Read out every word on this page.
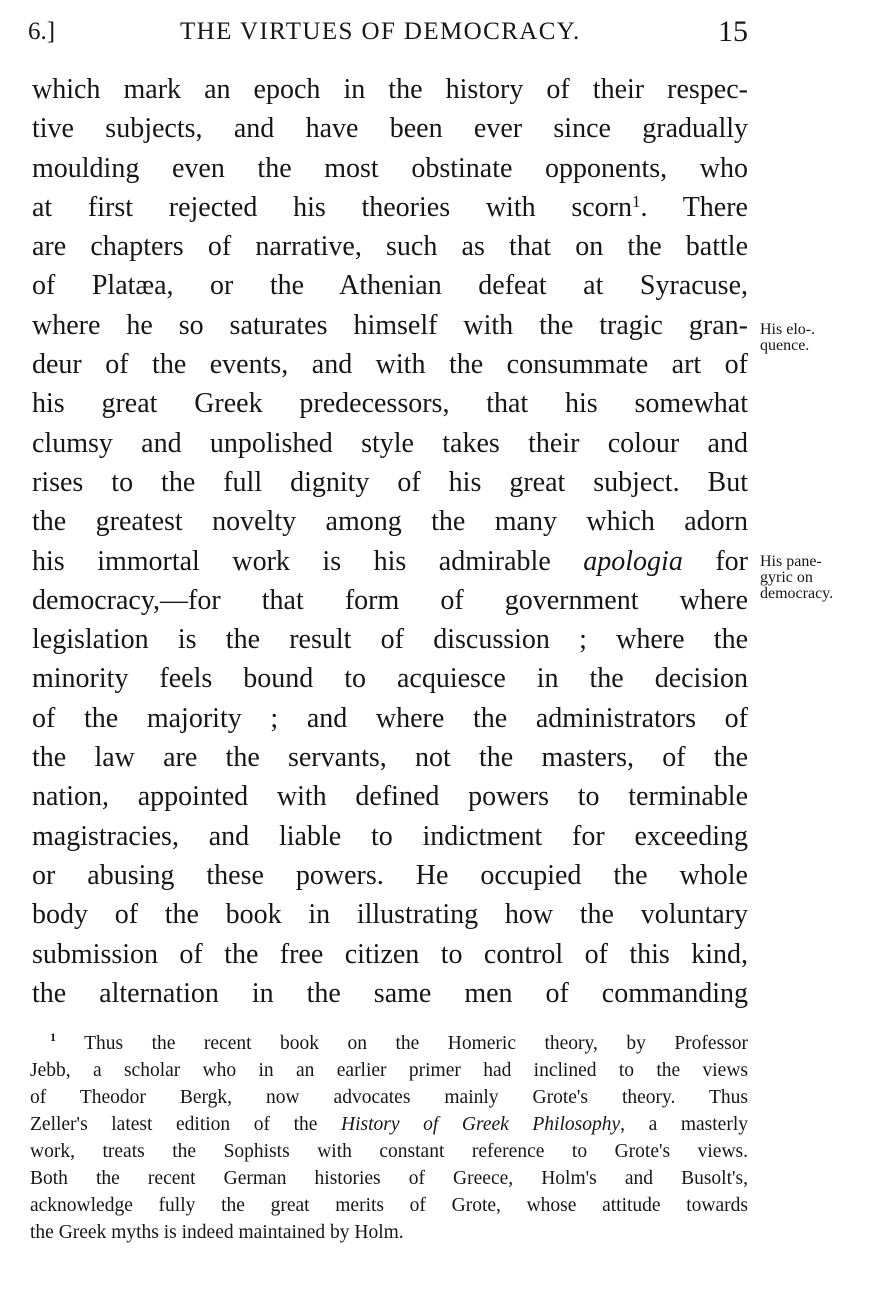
6.]	THE VIRTUES OF DEMOCRACY.	15
which mark an epoch in the history of their respec-
tive subjects, and have been ever since gradually
moulding even the most obstinate opponents, who
at first rejected his theories with scorn$^1$. There
are chapters of narrative, such as that on the battle
of Platæa, or the Athenian defeat at Syracuse,
where he so saturates himself with the tragic gran-
deur of the events, and with the consummate art of
his great Greek predecessors, that his somewhat
clumsy and unpolished style takes their colour and
rises to the full dignity of his great subject. But
the greatest novelty among the many which adorn
his immortal work is his admirable apologia for
democracy,—for that form of government where
legislation is the result of discussion ; where the
minority feels bound to acquiesce in the decision
of the majority ; and where the administrators of
the law are the servants, not the masters, of the
nation, appointed with defined powers to terminable
magistracies, and liable to indictment for exceeding
or abusing these powers. He occupied the whole
body of the book in illustrating how the voluntary
submission of the free citizen to control of this kind,
the alternation in the same men of commanding
His elo-.
quence.
His pane-
gyric on
democracy.
$^1$ Thus the recent book on the Homeric theory, by Professor
Jebb, a scholar who in an earlier primer had inclined to the views
of Theodor Bergk, now advocates mainly Grote's theory. Thus
Zeller's latest edition of the History of Greek Philosophy, a masterly
work, treats the Sophists with constant reference to Grote's views.
Both the recent German histories of Greece, Holm's and Busolt's,
acknowledge fully the great merits of Grote, whose attitude towards
the Greek myths is indeed maintained by Holm.
